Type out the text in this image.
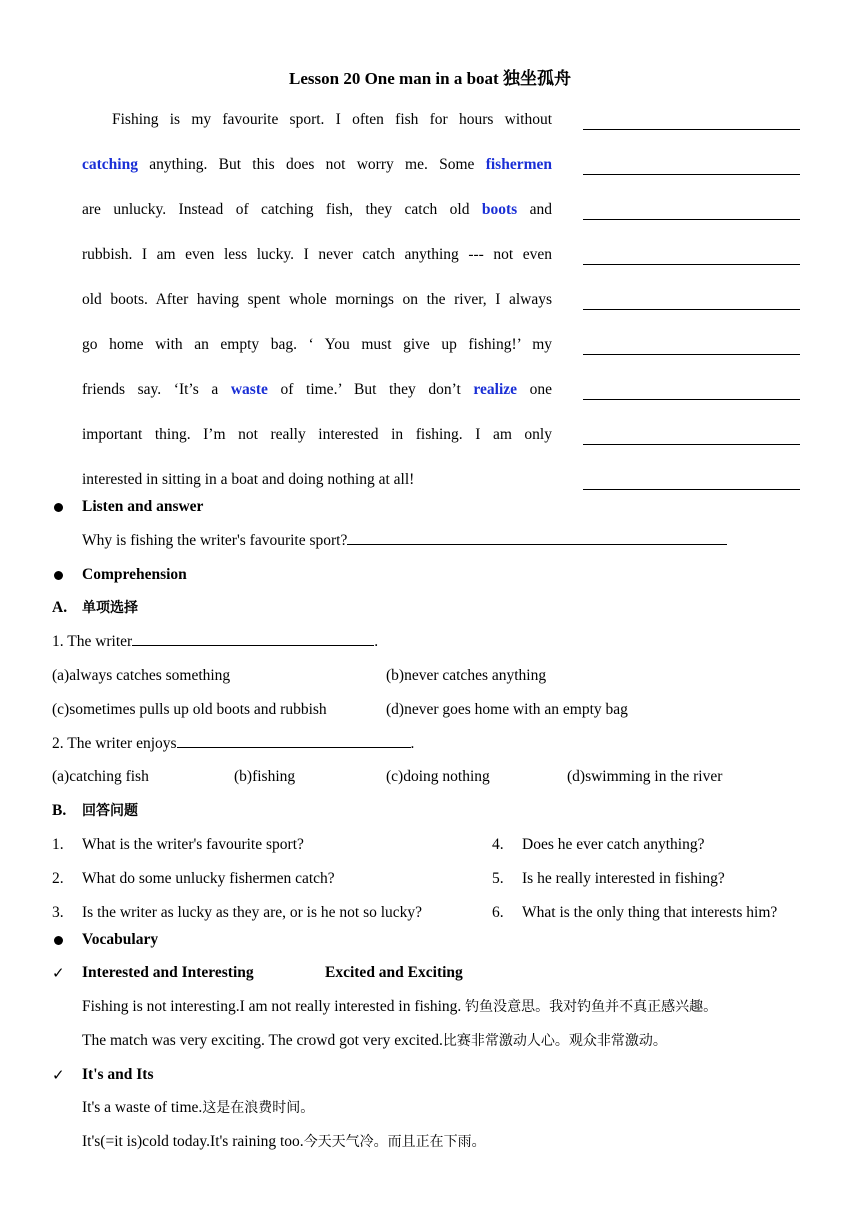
Lesson 20 One man in a boat 独坐孤舟
Fishing is my favourite sport. I often fish for hours without
catching anything. But this does not worry me. Some fishermen
are unlucky. Instead of catching fish, they catch old boots and
rubbish. I am even less lucky. I never catch anything --- not even
old boots. After having spent whole mornings on the river, I always
go home with an empty bag. ‘ You must give up fishing!’ my
friends say. ‘It’s a waste of time.’ But they don’t realize one
important thing. I’m not really interested in fishing. I am only
interested in sitting in a boat and doing nothing at all!
Listen and answer
Why is fishing the writer's favourite sport?
Comprehension
A. 单项选择
1. The writer	.
(a)always catches something	(b)never catches anything
(c)sometimes pulls up old boots and rubbish	(d)never goes home with an empty bag
2. The writer enjoys	.
(a)catching fish	(b)fishing	(c)doing nothing	(d)swimming in the river
B. 回答问题
1. What is the writer's favourite sport?
2. What do some unlucky fishermen catch?
3. Is the writer as lucky as they are, or is he not so lucky?
4. Does he ever catch anything?
5. Is he really interested in fishing?
6. What is the only thing that interests him?
Vocabulary
✓ Interested and Interesting	Excited and Exciting
Fishing is not interesting.I am not really interested in fishing. 钓鱼没意思。我对钓鱼并不真正感兴趣。
The match was very exciting. The crowd got very excited.比赛非常激动人心。观众非常激动。
✓ It's and Its
It's a waste of time.这是在浪费时间。
It's(=it is)cold today.It's raining too.今天天气冷。而且正在下雨。
